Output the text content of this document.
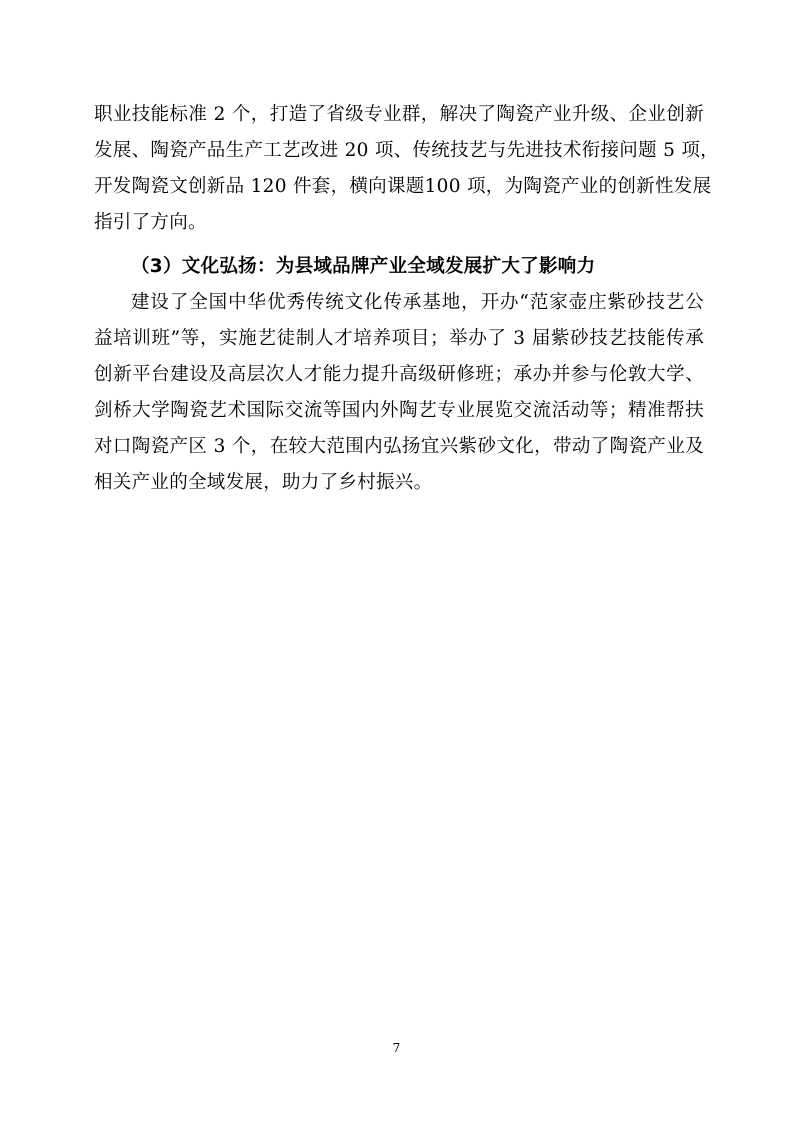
职业技能标准 2 个，打造了省级专业群，解决了陶瓷产业升级、企业创新
发展、陶瓷产品生产工艺改进 20 项、传统技艺与先进技术衔接问题 5 项，
开发陶瓷文创新品 120 件套，横向课题100 项，为陶瓷产业的创新性发展
指引了方向。
（3）文化弘扬：为县域品牌产业全域发展扩大了影响力
建设了全国中华优秀传统文化传承基地，开办“范家壶庄紫砂技艺公
益培训班”等，实施艺徒制人才培养项目；举办了 3 届紫砂技艺技能传承
创新平台建设及高层次人才能力提升高级研修班；承办并参与伦敦大学、
剑桥大学陶瓷艺术国际交流等国内外陶艺专业展览交流活动等；精准帮扶
对口陶瓷产区 3 个，在较大范围内弘扬宜兴紫砂文化，带动了陶瓷产业及
相关产业的全域发展，助力了乡村振兴。
7
